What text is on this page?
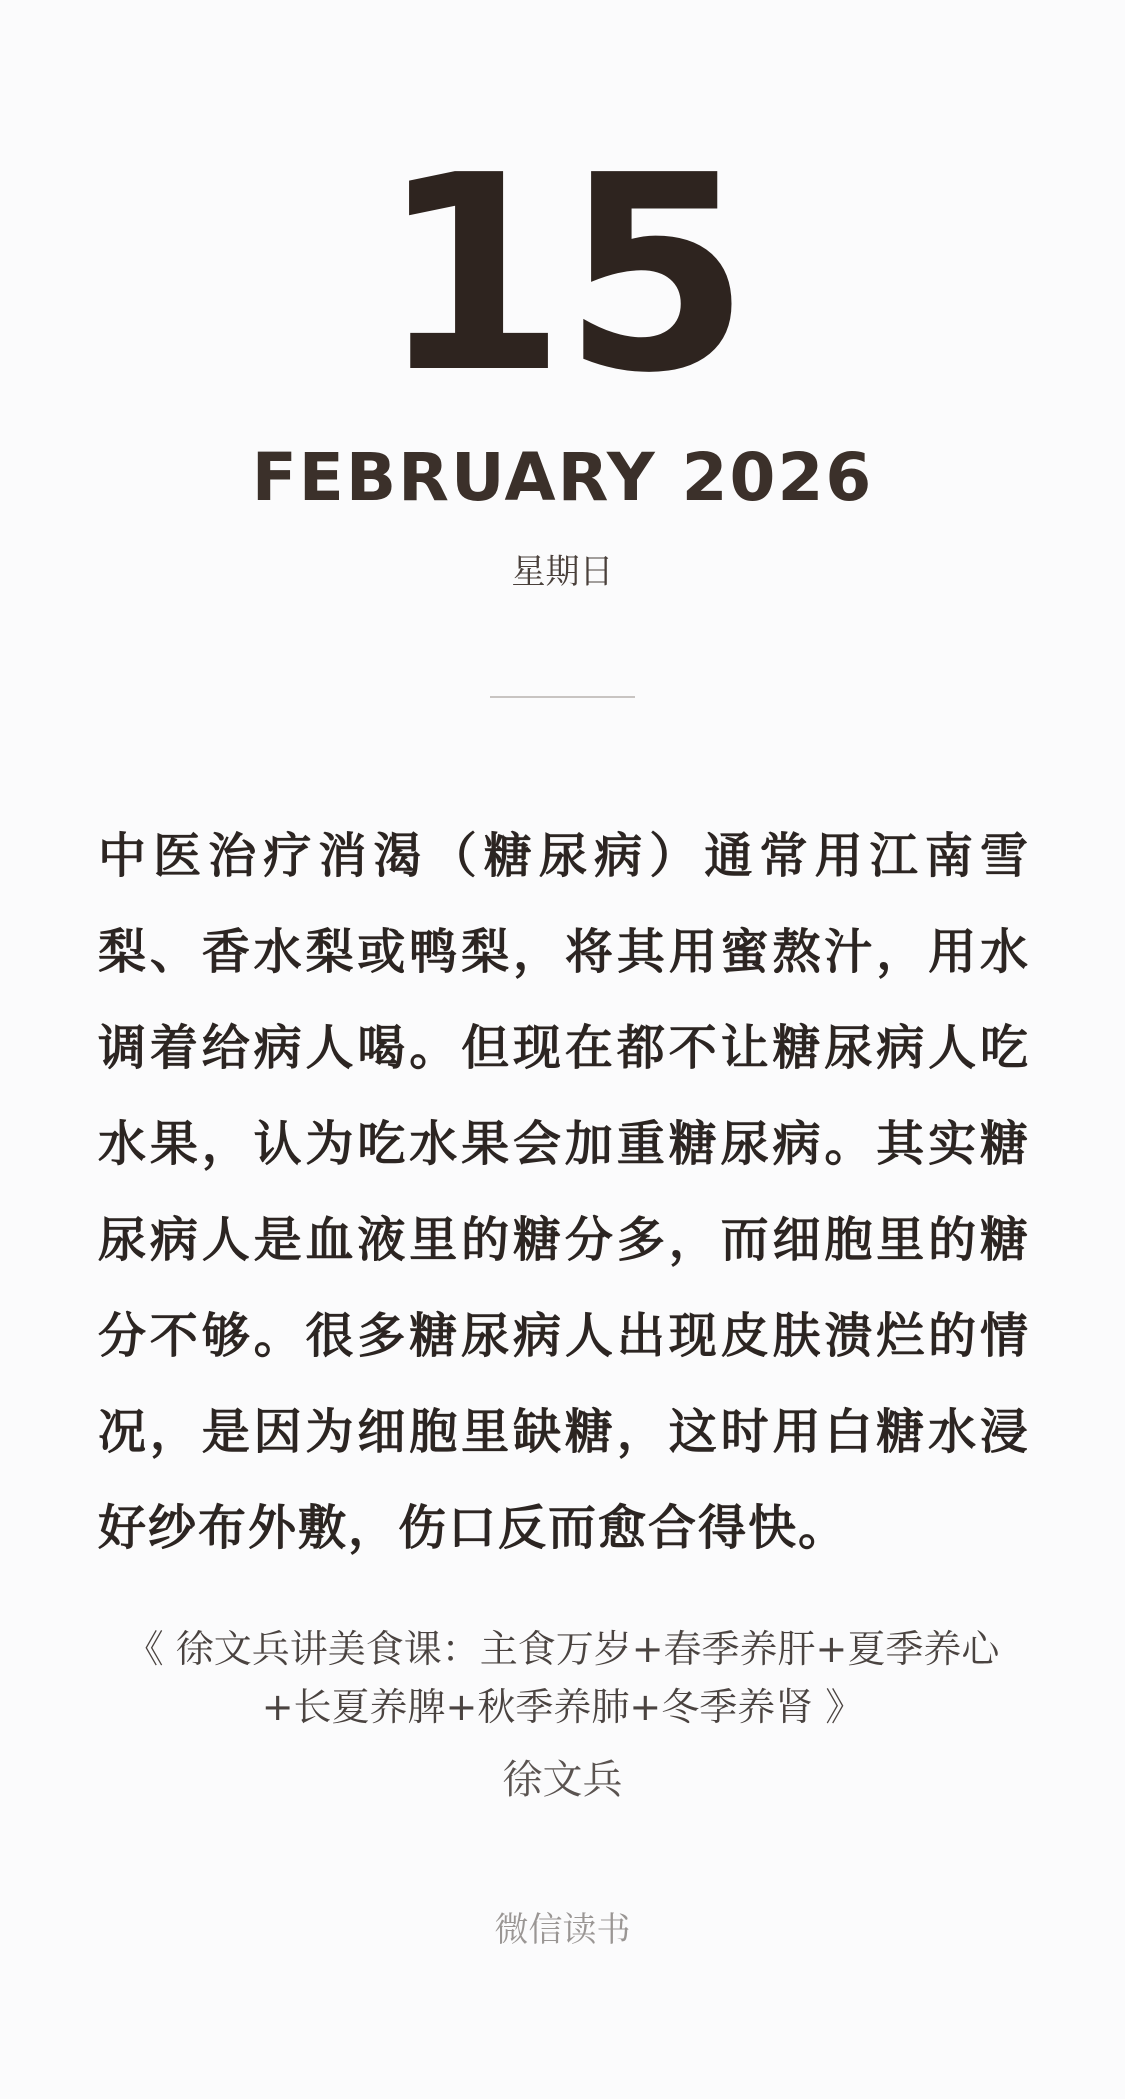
15
FEBRUARY 2026
星期日

中医治疗消渴（糖尿病）通常用江南雪梨、香水梨或鸭梨，将其用蜜熬汁，用水调着给病人喝。但现在都不让糖尿病人吃水果，认为吃水果会加重糖尿病。其实糖尿病人是血液里的糖分多，而细胞里的糖分不够。很多糖尿病人出现皮肤溃烂的情况，是因为细胞里缺糖，这时用白糖水浸好纱布外敷，伤口反而愈合得快。

《 徐文兵讲美食课：主食万岁+春季养肝+夏季养心+长夏养脾+秋季养肺+冬季养肾 》

徐文兵
微信读书
